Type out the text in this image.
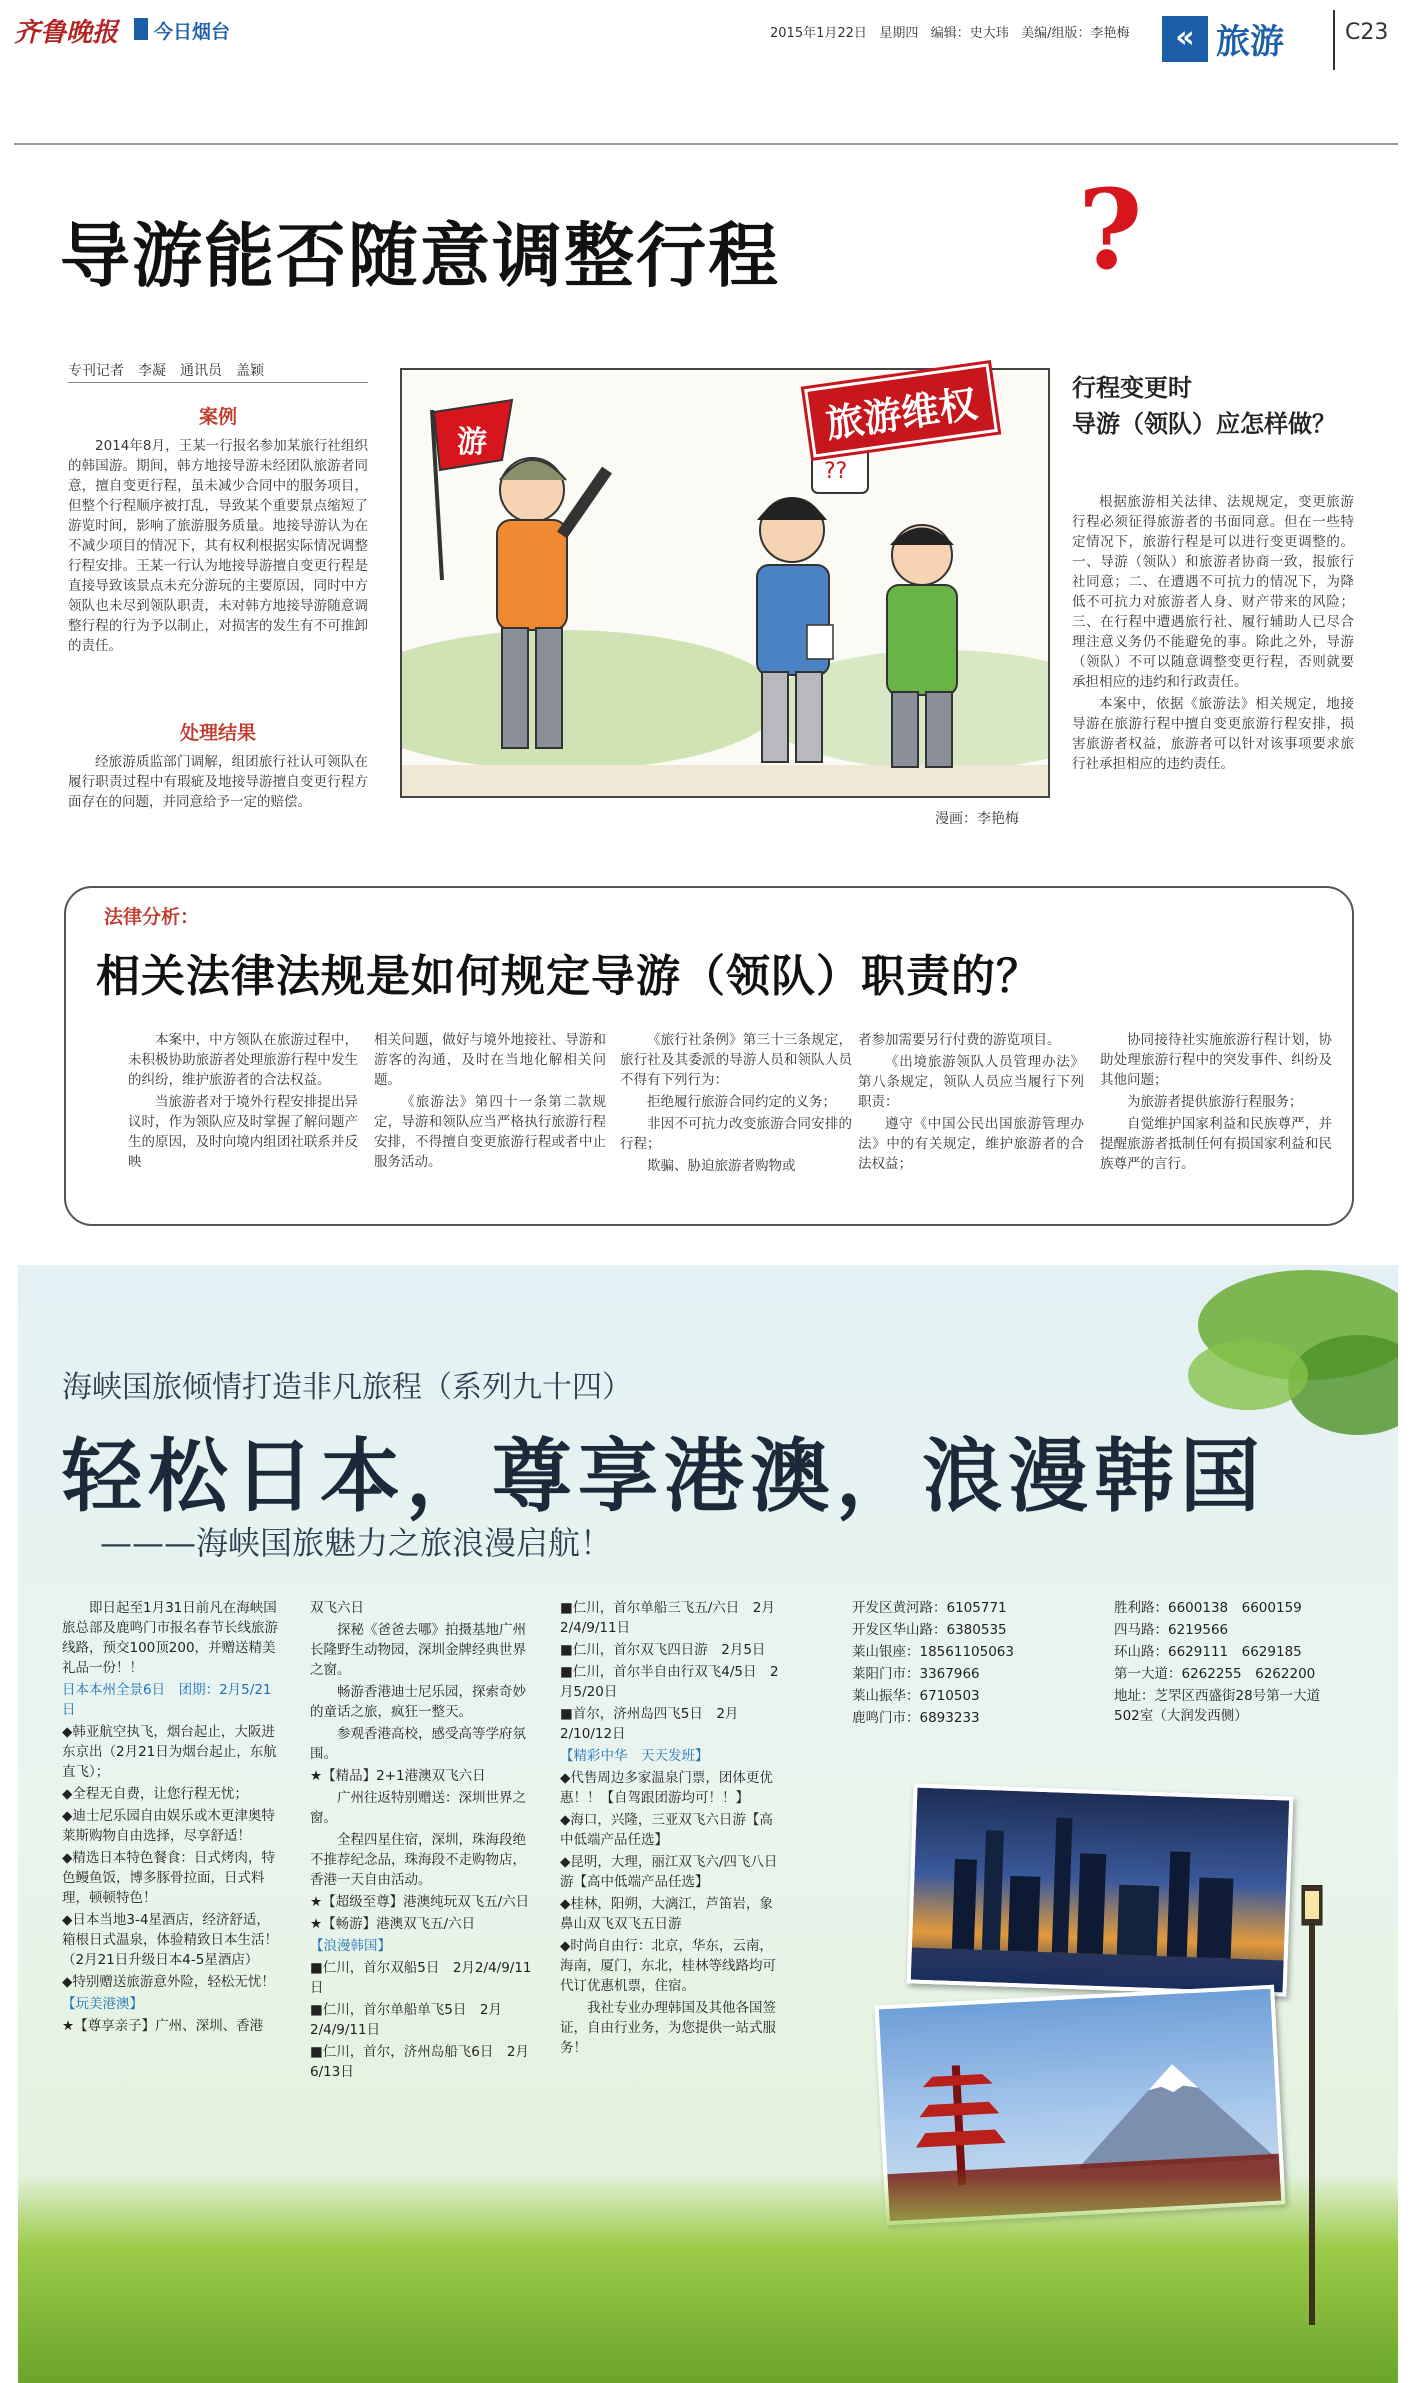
齐鲁晚报 今日烟台	2015年1月22日 星期四 编辑：史大玮 美编/组版：李艳梅	« 旅游	C23
导游能否随意调整行程	?
专刊记者　李凝　通讯员　盖颖
案例

2014年8月，王某一行报名参加某旅行社组织的韩国游。期间，韩方地接导游未经团队旅游者同意，擅自变更行程，虽未减少合同中的服务项目，但整个行程顺序被打乱，导致某个重要景点缩短了游览时间，影响了旅游服务质量。地接导游认为在不减少项目的情况下，其有权利根据实际情况调整行程安排。王某一行认为地接导游擅自变更行程是直接导致该景点未充分游玩的主要原因，同时中方领队也未尽到领队职责，未对韩方地接导游随意调整行程的行为予以制止，对损害的发生有不可推卸的责任。

处理结果

经旅游质监部门调解，组团旅行社认可领队在履行职责过程中有瑕疵及地接导游擅自变更行程方面存在的问题，并同意给予一定的赔偿。

??
游	旅游维权
漫画：李艳梅
行程变更时
导游（领队）应怎样做？

根据旅游相关法律、法规规定，变更旅游行程必须征得旅游者的书面同意。但在一些特定情况下，旅游行程是可以进行变更调整的。一、导游（领队）和旅游者协商一致，报旅行社同意；二、在遭遇不可抗力的情况下，为降低不可抗力对旅游者人身、财产带来的风险；三、在行程中遭遇旅行社、履行辅助人已尽合理注意义务仍不能避免的事。除此之外，导游（领队）不可以随意调整变更行程，否则就要承担相应的违约和行政责任。

本案中，依据《旅游法》相关规定，地接导游在旅游行程中擅自变更旅游行程安排，损害旅游者权益，旅游者可以针对该事项要求旅行社承担相应的违约责任。

法律分析：
相关法律法规是如何规定导游（领队）职责的？

本案中，中方领队在旅游过程中，未积极协助旅游者处理旅游行程中发生的纠纷，维护旅游者的合法权益。

当旅游者对于境外行程安排提出异议时，作为领队应及时掌握了解问题产生的原因，及时向境内组团社联系并反映

相关问题，做好与境外地接社、导游和游客的沟通，及时在当地化解相关问题。

《旅游法》第四十一条第二款规定，导游和领队应当严格执行旅游行程安排，不得擅自变更旅游行程或者中止服务活动。

《旅行社条例》第三十三条规定，旅行社及其委派的导游人员和领队人员不得有下列行为：

拒绝履行旅游合同约定的义务；

非因不可抗力改变旅游合同安排的行程；

欺骗、胁迫旅游者购物或

者参加需要另行付费的游览项目。

《出境旅游领队人员管理办法》第八条规定，领队人员应当履行下列职责：

遵守《中国公民出国旅游管理办法》中的有关规定，维护旅游者的合法权益；

协同接待社实施旅游行程计划，协助处理旅游行程中的突发事件、纠纷及其他问题；

为旅游者提供旅游行程服务；

自觉维护国家利益和民族尊严，并提醒旅游者抵制任何有损国家利益和民族尊严的言行。

海峡国旅倾情打造非凡旅程（系列九十四）
轻松日本，尊享港澳，浪漫韩国
———海峡国旅魅力之旅浪漫启航！
即日起至1月31日前凡在海峡国旅总部及鹿鸣门市报名春节长线旅游线路，预交100顶200，并赠送精美礼品一份！！
日本本州全景6日　团期：2月5/21日
◆韩亚航空执飞，烟台起止，大阪进东京出（2月21日为烟台起止，东航直飞）；
◆全程无自费，让您行程无忧；
◆迪士尼乐园自由娱乐或木更津奥特莱斯购物自由选择，尽享舒适！
◆精选日本特色餐食：日式烤肉，特色鳗鱼饭，博多豚骨拉面，日式料理，顿顿特色！
◆日本当地3-4星酒店，经济舒适，箱根日式温泉，体验精致日本生活！（2月21日升级日本4-5星酒店）
◆特别赠送旅游意外险，轻松无忧！
【玩美港澳】
★【尊享亲子】广州、深圳、香港
双飞六日
探秘《爸爸去哪》拍摄基地广州长隆野生动物园，深圳金牌经典世界之窗。
畅游香港迪士尼乐园，探索奇妙的童话之旅，疯狂一整天。
参观香港高校，感受高等学府氛围。
★【精品】2+1港澳双飞六日
广州往返特别赠送：深圳世界之窗。
全程四星住宿，深圳，珠海段绝不推荐纪念品，珠海段不走购物店，香港一天自由活动。
★【超级至尊】港澳纯玩双飞五/六日
★【畅游】港澳双飞五/六日
【浪漫韩国】
■仁川，首尔双船5日　2月2/4/9/11日
■仁川，首尔单船单飞5日　2月2/4/9/11日
■仁川，首尔，济州岛船飞6日　2月6/13日
■仁川，首尔单船三飞五/六日　2月2/4/9/11日
■仁川，首尔双飞四日游　2月5日
■仁川，首尔半自由行双飞4/5日　2月5/20日
■首尔，济州岛四飞5日　2月2/10/12日
【精彩中华　天天发班】
◆代售周边多家温泉门票，团体更优惠！！【自驾跟团游均可！！】
◆海口，兴隆，三亚双飞六日游【高中低端产品任选】
◆昆明，大理，丽江双飞六/四飞八日游【高中低端产品任选】
◆桂林，阳朔，大漓江，芦笛岩，象鼻山双飞双飞五日游
◆时尚自由行：北京，华东，云南，海南，厦门，东北，桂林等线路均可代订优惠机票，住宿。
我社专业办理韩国及其他各国签证，自由行业务，为您提供一站式服务！
开发区黄河路：6105771
开发区华山路：6380535
莱山银座：18561105063
莱阳门市：3367966
莱山振华：6710503
鹿鸣门市：6893233
胜利路：6600138　6600159
四马路：6219566
环山路：6629111　6629185
第一大道：6262255　6262200
地址：芝罘区西盛街28号第一大道502室（大润发西侧）
